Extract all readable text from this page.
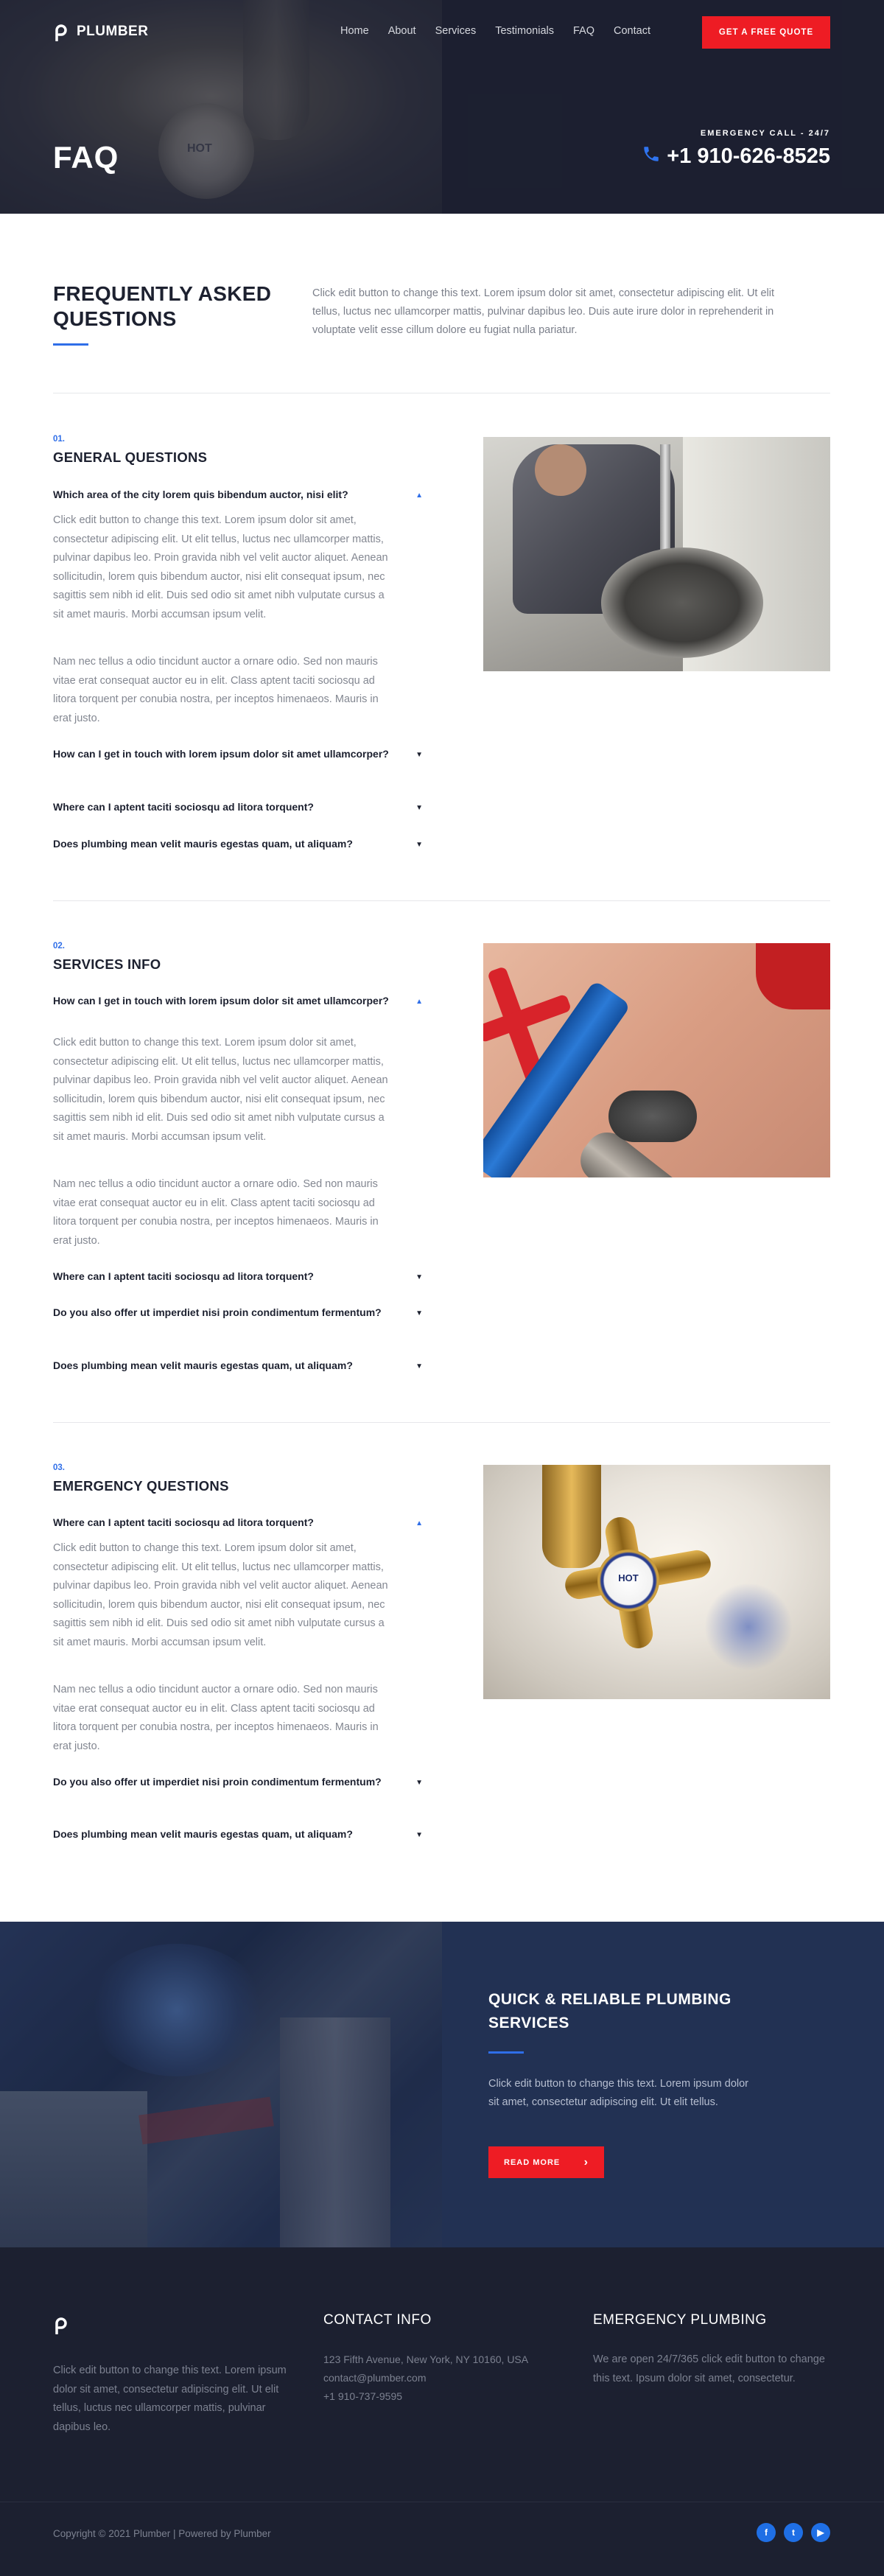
HOT
PLUMBER	Home About Services Testimonials FAQ Contact	GET A FREE QUOTE
FAQ
EMERGENCY CALL - 24/7
+1 910-626-8525
FREQUENTLY ASKED QUESTIONS

Click edit button to change this text. Lorem ipsum dolor sit amet, consectetur adipiscing elit. Ut elit tellus, luctus nec ullamcorper mattis, pulvinar dapibus leo. Duis aute irure dolor in reprehenderit in voluptate velit esse cillum dolore eu fugiat nulla pariatur.

01.
GENERAL QUESTIONS
Which area of the city lorem quis bibendum auctor, nisi elit?	▲
Click edit button to change this text. Lorem ipsum dolor sit amet, consectetur adipiscing elit. Ut elit tellus, luctus nec ullamcorper mattis, pulvinar dapibus leo. Proin gravida nibh vel velit auctor aliquet. Aenean sollicitudin, lorem quis bibendum auctor, nisi elit consequat ipsum, nec sagittis sem nibh id elit. Duis sed odio sit amet nibh vulputate cursus a sit amet mauris. Morbi accumsan ipsum velit.
Nam nec tellus a odio tincidunt auctor a ornare odio. Sed non mauris vitae erat consequat auctor eu in elit. Class aptent taciti sociosqu ad litora torquent per conubia nostra, per inceptos himenaeos. Mauris in erat justo.
How can I get in touch with lorem ipsum dolor sit amet ullamcorper?	▼
Where can I aptent taciti sociosqu ad litora torquent?	▼
Does plumbing mean velit mauris egestas quam, ut aliquam?	▼
02.
SERVICES INFO
How can I get in touch with lorem ipsum dolor sit amet ullamcorper?	▲
Click edit button to change this text. Lorem ipsum dolor sit amet, consectetur adipiscing elit. Ut elit tellus, luctus nec ullamcorper mattis, pulvinar dapibus leo. Proin gravida nibh vel velit auctor aliquet. Aenean sollicitudin, lorem quis bibendum auctor, nisi elit consequat ipsum, nec sagittis sem nibh id elit. Duis sed odio sit amet nibh vulputate cursus a sit amet mauris. Morbi accumsan ipsum velit.
Nam nec tellus a odio tincidunt auctor a ornare odio. Sed non mauris vitae erat consequat auctor eu in elit. Class aptent taciti sociosqu ad litora torquent per conubia nostra, per inceptos himenaeos. Mauris in erat justo.
Where can I aptent taciti sociosqu ad litora torquent?	▼
Do you also offer ut imperdiet nisi proin condimentum fermentum?	▼
Does plumbing mean velit mauris egestas quam, ut aliquam?	▼
03.
EMERGENCY QUESTIONS
Where can I aptent taciti sociosqu ad litora torquent?	▲
Click edit button to change this text. Lorem ipsum dolor sit amet, consectetur adipiscing elit. Ut elit tellus, luctus nec ullamcorper mattis, pulvinar dapibus leo. Proin gravida nibh vel velit auctor aliquet. Aenean sollicitudin, lorem quis bibendum auctor, nisi elit consequat ipsum, nec sagittis sem nibh id elit. Duis sed odio sit amet nibh vulputate cursus a sit amet mauris. Morbi accumsan ipsum velit.
Nam nec tellus a odio tincidunt auctor a ornare odio. Sed non mauris vitae erat consequat auctor eu in elit. Class aptent taciti sociosqu ad litora torquent per conubia nostra, per inceptos himenaeos. Mauris in erat justo.
Do you also offer ut imperdiet nisi proin condimentum fermentum?	▼
Does plumbing mean velit mauris egestas quam, ut aliquam?	▼
HOT
QUICK & RELIABLE PLUMBING SERVICES

Click edit button to change this text. Lorem ipsum dolor sit amet, consectetur adipiscing elit. Ut elit tellus.

READ MORE ›
Click edit button to change this text. Lorem ipsum dolor sit amet, consectetur adipiscing elit. Ut elit tellus, luctus nec ullamcorper mattis, pulvinar dapibus leo.
CONTACT INFO
123 Fifth Avenue, New York, NY 10160, USA
contact@plumber.com
+1 910-737-9595
EMERGENCY PLUMBING
We are open 24/7/365 click edit button to change this text. Ipsum dolor sit amet, consectetur.
Copyright © 2021 Plumber | Powered by Plumber	f	t	▶
